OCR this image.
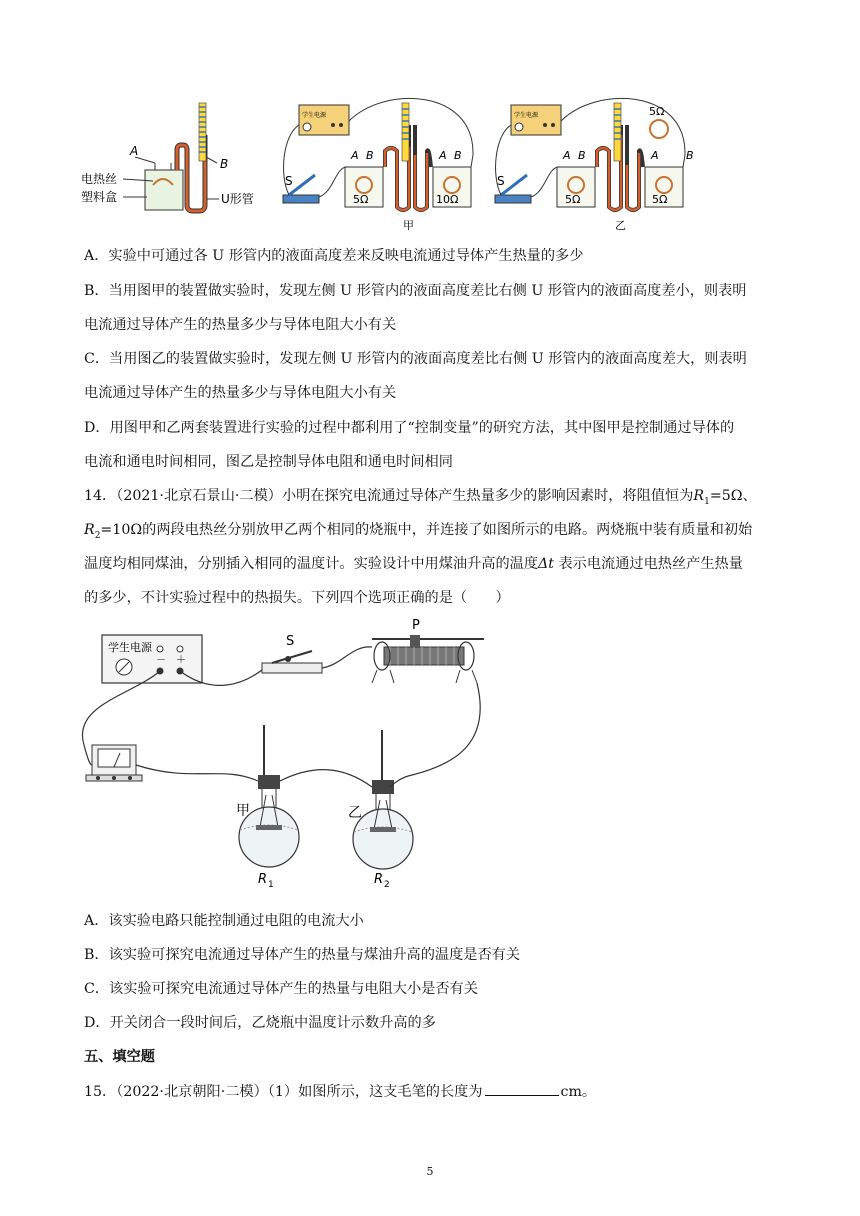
A
B
电热丝
塑料盒	U形管
学生电源
S
5Ω	10Ω
A B	A B
甲
学生电源
S
5Ω	5Ω
5Ω
A B	A B
乙
A．实验中可通过各 U 形管内的液面高度差来反映电流通过导体产生热量的多少
B．当用图甲的装置做实验时，发现左侧 U 形管内的液面高度差比右侧 U 形管内的液面高度差小，则表明
电流通过导体产生的热量多少与导体电阻大小有关
C．当用图乙的装置做实验时，发现左侧 U 形管内的液面高度差比右侧 U 形管内的液面高度差大，则表明
电流通过导体产生的热量多少与导体电阻大小有关
D．用图甲和乙两套装置进行实验的过程中都利用了“控制变量”的研究方法，其中图甲是控制通过导体的
电流和通电时间相同，图乙是控制导体电阻和通电时间相同
14．（2021·北京石景山·二模）小明在探究电流通过导体产生热量多少的影响因素时，将阻值恒为$R_1=5\Omega$、
$R_2=10\Omega$的两段电热丝分别放甲乙两个相同的烧瓶中，并连接了如图所示的电路。两烧瓶中装有质量和初始
温度均相同煤油，分别插入相同的温度计。实验设计中用煤油升高的温度Δt 表示电流通过电热丝产生热量
的多少，不计实验过程中的热损失。下列四个选项正确的是（　　）
学生电源
－ ＋
S
P
甲
R 1
乙
R 2
A．该实验电路只能控制通过电阻的电流大小
B．该实验可探究电流通过导体产生的热量与煤油升高的温度是否有关
C．该实验可探究电流通过导体产生的热量与电阻大小是否有关
D．开关闭合一段时间后，乙烧瓶中温度计示数升高的多
五、填空题
15．（2022·北京朝阳·二模）（1）如图所示，这支毛笔的长度为	cm。
5
